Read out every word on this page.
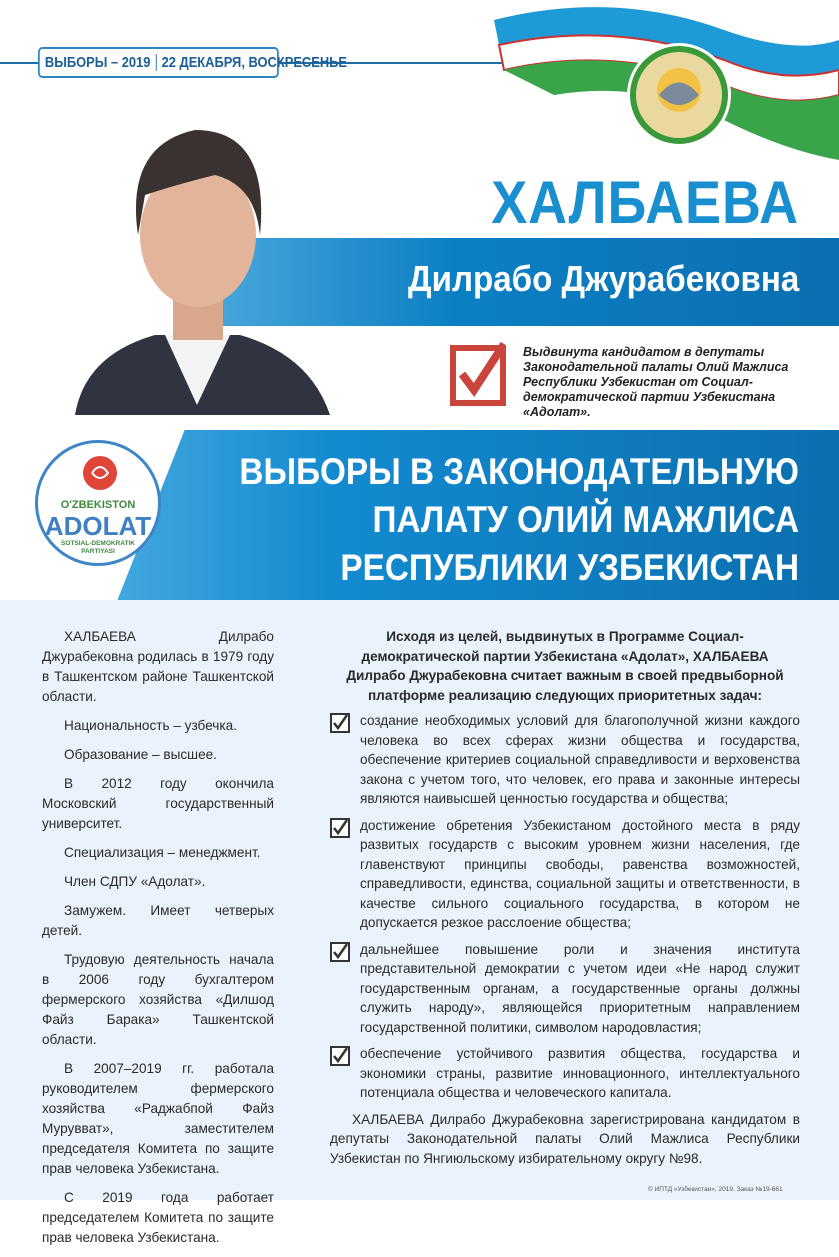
ВЫБОРЫ – 2019 22 ДЕКАБРЯ, ВОСКРЕСЕНЬЕ
ХАЛБАЕВА
Дилрабо Джурабековна
Выдвинута кандидатом в депутаты Законодательной палаты Олий Мажлиса Республики Узбекистан от Социал-демократической партии Узбекистана «Адолат».
ВЫБОРЫ В ЗАКОНОДАТЕЛЬНУЮ
ПАЛАТУ ОЛИЙ МАЖЛИСА
РЕСПУБЛИКИ УЗБЕКИСТАН
O'ZBEKISTON
ADOLAT
SOTSIAL-DEMOKRATIK
PARTIYASI

ХАЛБАЕВА Дилрабо Джурабековна родилась в 1979 году в Ташкентском районе Ташкентской области.

Национальность – узбечка.

Образование – высшее.

В 2012 году окончила Московский государственный университет.

Специализация – менеджмент.

Член СДПУ «Адолат».

Замужем. Имеет четверых детей.

Трудовую деятельность начала в 2006 году бухгалтером фермерского хозяйства «Дилшод Файз Барака» Ташкентской области.

В 2007–2019 гг. работала руководителем фермерского хозяйства «Раджабпой Файз Мурувват», заместителем председателя Комитета по защите прав человека Узбекистана.

С 2019 года работает председателем Комитета по защите прав человека Узбекистана.

Исходя из целей, выдвинутых в Программе Социал-демократической партии Узбекистана «Адолат», ХАЛБАЕВА Дилрабо Джурабековна считает важным в своей предвыборной платформе реализацию следующих приоритетных задач:

создание необходимых условий для благополучной жизни каждого человека во всех сферах жизни общества и государства, обеспечение критериев социальной справедливости и верховенства закона с учетом того, что человек, его права и законные интересы являются наивысшей ценностью государства и общества;

достижение обретения Узбекистаном достойного места в ряду развитых государств с высоким уровнем жизни населения, где главенствуют принципы свободы, равенства возможностей, справедливости, единства, социальной защиты и ответственности, в качестве сильного социального государства, в котором не допускается резкое расслоение общества;

дальнейшее повышение роли и значения института представительной демократии с учетом идеи «Не народ служит государственным органам, а государственные органы должны служить народу», являющейся приоритетным направлением государственной политики, символом народовластия;

обеспечение устойчивого развития общества, государства и экономики страны, развитие инновационного, интеллектуального потенциала общества и человеческого капитала.

ХАЛБАЕВА Дилрабо Джурабековна зарегистрирована кандидатом в депутаты Законодательной палаты Олий Мажлиса Республики Узбекистан по Янгиюльскому избирательному округу №98.

© ИПТД «Узбекистан», 2019. Заказ №19-661
